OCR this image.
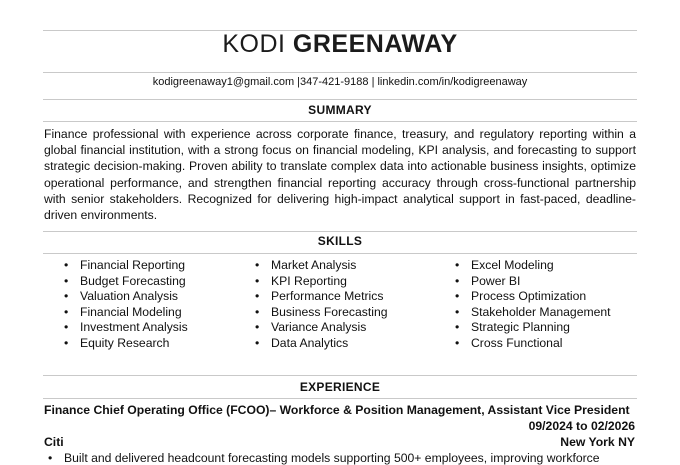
KODI GREENAWAY
kodigreenaway1@gmail.com |347-421-9188 | linkedin.com/in/kodigreenaway
SUMMARY
Finance professional with experience across corporate finance, treasury, and regulatory reporting within a global financial institution, with a strong focus on financial modeling, KPI analysis, and forecasting to support strategic decision-making. Proven ability to translate complex data into actionable business insights, optimize operational performance, and strengthen financial reporting accuracy through cross-functional partnership with senior stakeholders. Recognized for delivering high-impact analytical support in fast-paced, deadline-driven environments.
SKILLS
• Financial Reporting
• Budget Forecasting
• Valuation Analysis
• Financial Modeling
• Investment Analysis
• Equity Research
• Market Analysis
• KPI Reporting
• Performance Metrics
• Business Forecasting
• Variance Analysis
• Data Analytics
• Excel Modeling
• Power BI
• Process Optimization
• Stakeholder Management
• Strategic Planning
• Cross Functional
EXPERIENCE
Finance Chief Operating Office (FCOO)– Workforce & Position Management, Assistant Vice President
09/2024 to 02/2026
Citi	New York NY
• Built and delivered headcount forecasting models supporting 500+ employees, improving workforce
